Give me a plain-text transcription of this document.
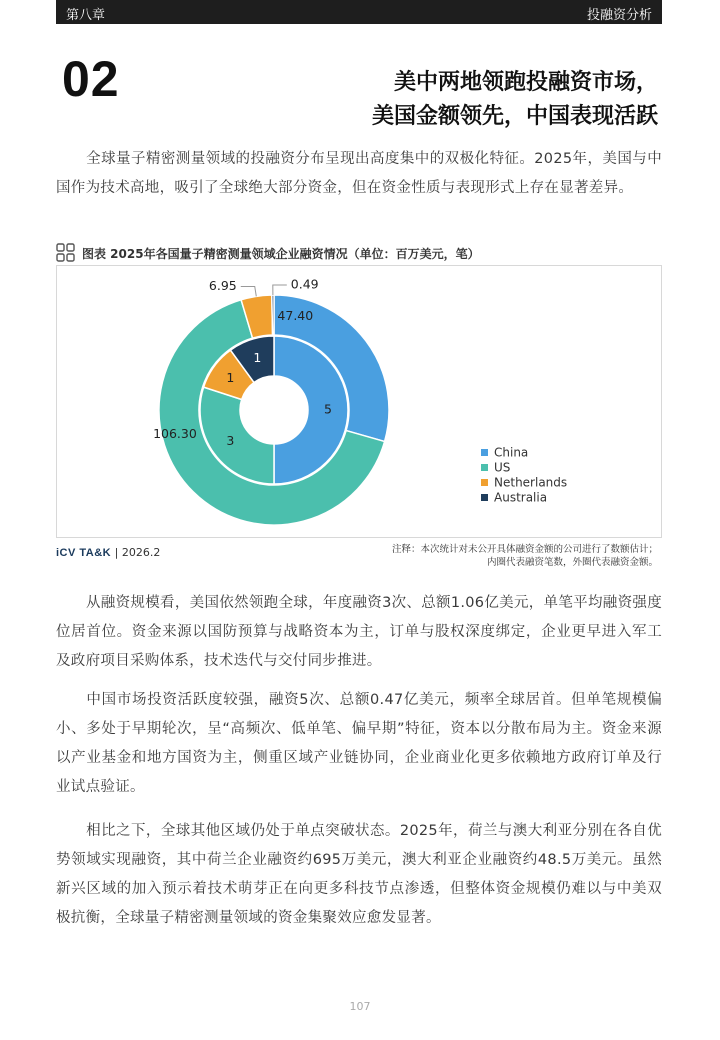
第八章	投融资分析
02	美中两地领跑投融资市场，
美国金额领先，中国表现活跃
全球量子精密测量领域的投融资分布呈现出高度集中的双极化特征。2025年，美国与中国作为技术高地，吸引了全球绝大部分资金，但在资金性质与表现形式上存在显著差异。
图表 2025年各国量子精密测量领域企业融资情况（单位：百万美元，笔）
5
3
1
1
47.40
106.30
6.95	0.49
China
US
Netherlands
Australia
iCV TA&K | 2026.2	注释：本次统计对未公开具体融资金额的公司进行了数额估计；
内圈代表融资笔数，外圈代表融资金额。
从融资规模看，美国依然领跑全球，年度融资3次、总额1.06亿美元，单笔平均融资强度位居首位。资金来源以国防预算与战略资本为主，订单与股权深度绑定，企业更早进入军工及政府项目采购体系，技术迭代与交付同步推进。
中国市场投资活跃度较强，融资5次、总额0.47亿美元，频率全球居首。但单笔规模偏小、多处于早期轮次，呈“高频次、低单笔、偏早期”特征，资本以分散布局为主。资金来源以产业基金和地方国资为主，侧重区域产业链协同，企业商业化更多依赖地方政府订单及行业试点验证。
相比之下，全球其他区域仍处于单点突破状态。2025年，荷兰与澳大利亚分别在各自优势领域实现融资，其中荷兰企业融资约695万美元，澳大利亚企业融资约48.5万美元。虽然新兴区域的加入预示着技术萌芽正在向更多科技节点渗透，但整体资金规模仍难以与中美双极抗衡，全球量子精密测量领域的资金集聚效应愈发显著。
107
